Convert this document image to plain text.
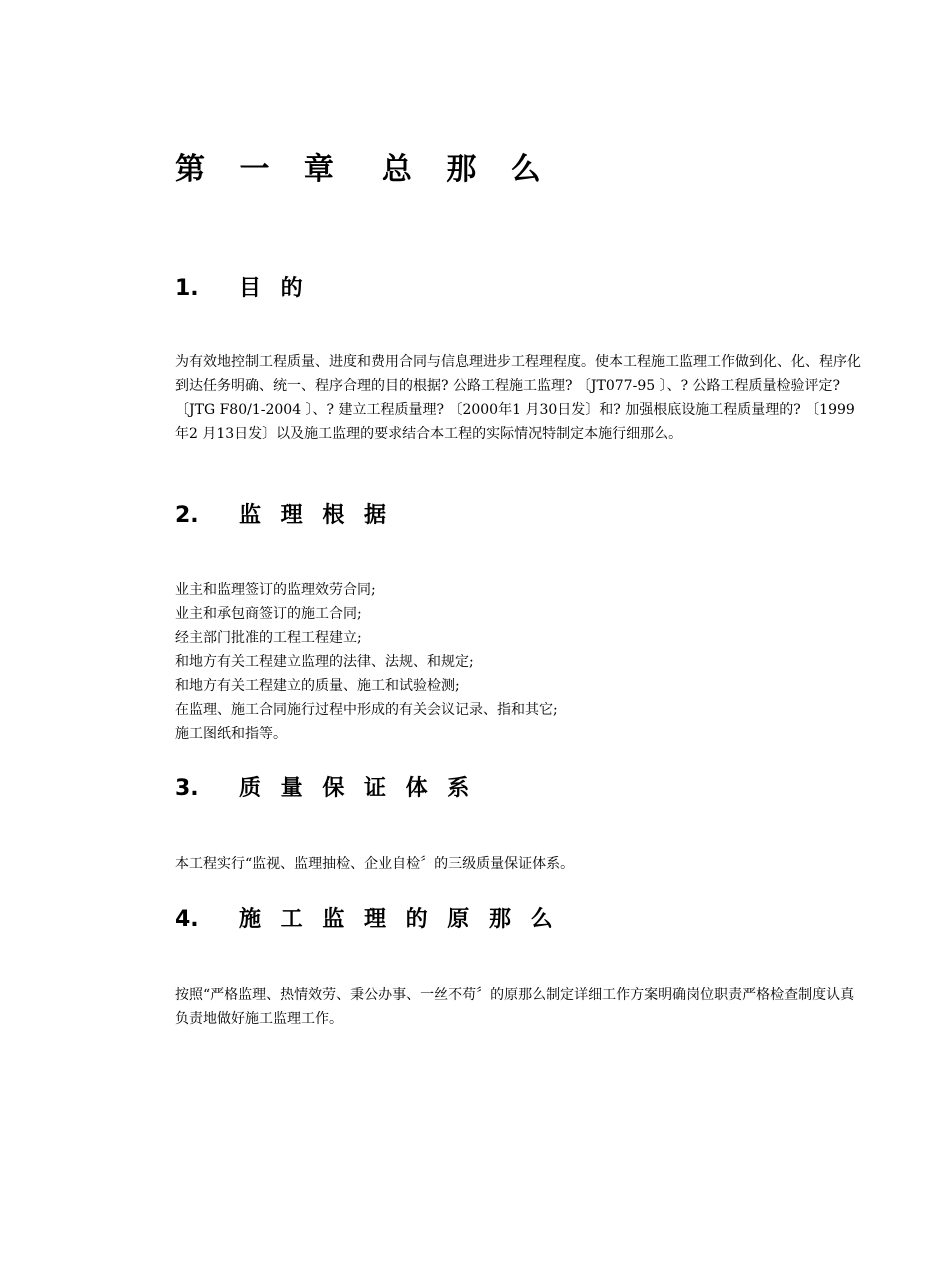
第 一 章 总 那 么
1. 目 的

为有效地控制工程质量、进度和费用合同与信息理进步工程理程度。使本工程施工监理工作做到化、化、程序化到达任务明确、统一、程序合理的目的根据? 公路工程施工监理? 〔JT077-95 〕、? 公路工程质量检验评定? 〔JTG F80/1-2004 〕、? 建立工程质量理? 〔2000年1 月30日发〕和? 加强根底设施工程质量理的? 〔1999年2 月13日发〕以及施工监理的要求结合本工程的实际情况特制定本施行细那么。

2. 监 理 根 据
业主和监理签订的监理效劳合同;
业主和承包商签订的施工合同;
经主部门批准的工程工程建立;
和地方有关工程建立监理的法律、法规、和规定;
和地方有关工程建立的质量、施工和试验检测;
在监理、施工合同施行过程中形成的有关会议记录、指和其它;
施工图纸和指等。
3. 质 量 保 证 体 系

本工程实行“监视、监理抽检、企业自检〞的三级质量保证体系。

4. 施 工 监 理 的 原 那 么

按照“严格监理、热情效劳、秉公办事、一丝不苟〞的原那么制定详细工作方案明确岗位职责严格检查制度认真负责地做好施工监理工作。
